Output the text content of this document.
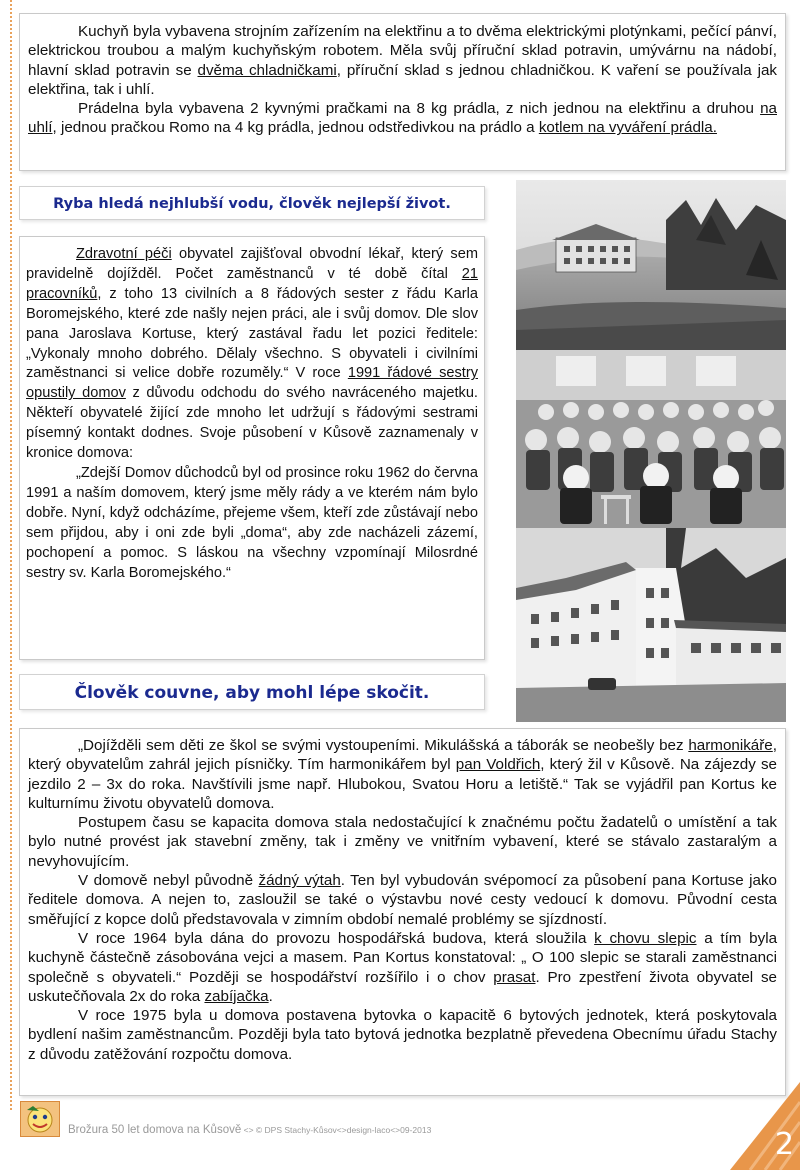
Kuchyň byla vybavena strojním zařízením na elektřinu a to dvěma elektrickými plotýnkami, pečící pánví, elektrickou troubou a malým kuchyňským robotem. Měla svůj příruční sklad potravin, umývárnu na nádobí, hlavní sklad potravin se dvěma chladničkami, příruční sklad s jednou chladničkou. K vaření se používala jak elektřina, tak i uhlí.

Prádelna byla vybavena 2 kyvnými pračkami na 8 kg prádla, z nich jednou na elektřinu a druhou na uhlí, jednou pračkou Romo na 4 kg prádla, jednou odstředivkou na prádlo a kotlem na vyváření prádla.

Ryba hledá nejhlubší vodu, člověk nejlepší život.

Zdravotní péči obyvatel zajišťoval obvodní lékař, který sem pravidelně dojížděl. Počet zaměstnanců v té době čítal 21 pracovníků, z toho 13 civilních a 8 řádových sester z řádu Karla Boromejského, které zde našly nejen práci, ale i svůj domov. Dle slov pana Jaroslava Kortuse, který zastával řadu let pozici ředitele: „Vykonaly mnoho dobrého. Dělaly všechno. S obyvateli i civilními zaměstnanci si velice dobře rozuměly.“ V roce 1991 řádové sestry opustily domov z důvodu odchodu do svého navráceného majetku. Někteří obyvatelé žijící zde mnoho let udržují s řádovými sestrami písemný kontakt dodnes. Svoje působení v Kůsově zaznamenaly v kronice domova:

„Zdejší Domov důchodců byl od prosince roku 1962 do června 1991 a naším domovem, který jsme měly rády a ve kterém nám bylo dobře. Nyní, když odcházíme, přejeme všem, kteří zde zůstávají nebo sem přijdou, aby i oni zde byli „doma“, aby zde nacházeli zázemí, pochopení a pomoc. S láskou na všechny vzpomínají Milosrdné sestry sv. Karla Boromejského.“

Člověk couvne, aby mohl lépe skočit.

„Dojížděli sem děti ze škol se svými vystoupeními. Mikulášská a táborák se neobešly bez harmonikáře, který obyvatelům zahrál jejich písničky. Tím harmonikářem byl pan Voldřich, který žil v Kůsově. Na zájezdy se jezdilo 2 – 3x do roka. Navštívili jsme např. Hlubokou, Svatou Horu a letiště.“ Tak se vyjádřil pan Kortus ke kulturnímu životu obyvatelů domova.

Postupem času se kapacita domova stala nedostačující k značnému počtu žadatelů o umístění a tak bylo nutné provést jak stavební změny, tak i změny ve vnitřním vybavení, které se stávalo zastaralým a nevyhovujícím.

V domově nebyl původně žádný výtah. Ten byl vybudován svépomocí za působení pana Kortuse jako ředitele domova. A nejen to, zasloužil se také o výstavbu nové cesty vedoucí k domovu. Původní cesta směřující z kopce dolů představovala v zimním období nemalé problémy se sjízdností.

V roce 1964 byla dána do provozu hospodářská budova, která sloužila k chovu slepic a tím byla kuchyně částečně zásobována vejci a masem. Pan Kortus konstatoval: „ O 100 slepic se starali zaměstnanci společně s obyvateli.“ Později se hospodářství rozšířilo i o chov prasat. Pro zpestření života obyvatel se uskutečňovala 2x do roka zabíjačka.

V roce 1975 byla u domova postavena bytovka o kapacitě 6 bytových jednotek, která poskytovala bydlení našim zaměstnancům. Později byla tato bytová jednotka bezplatně převedena Obecnímu úřadu Stachy z důvodu zatěžování rozpočtu domova.

Brožura 50 let domova na Kůsově <> © DPS Stachy-Kůsov<>design-laco<>09-2013	2
